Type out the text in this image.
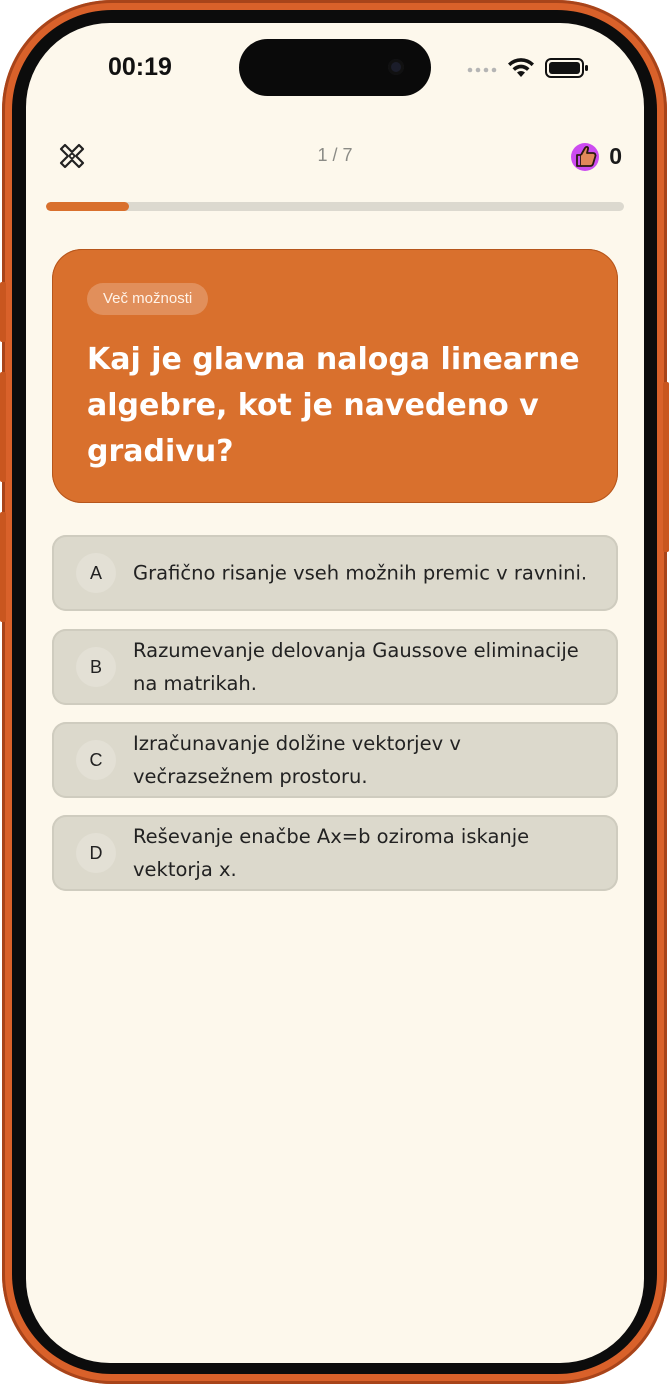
00:19
1 / 7	0
Več možnosti
Kaj je glavna naloga linearne algebre, kot je navedeno v gradivu?
A	Grafično risanje vseh možnih premic v ravnini.
B
Razumevanje delovanja Gaussove eliminacije na matrikah.
C
Izračunavanje dolžine vektorjev v večrazsežnem prostoru.
D
Reševanje enačbe Ax=b oziroma iskanje vektorja x.
